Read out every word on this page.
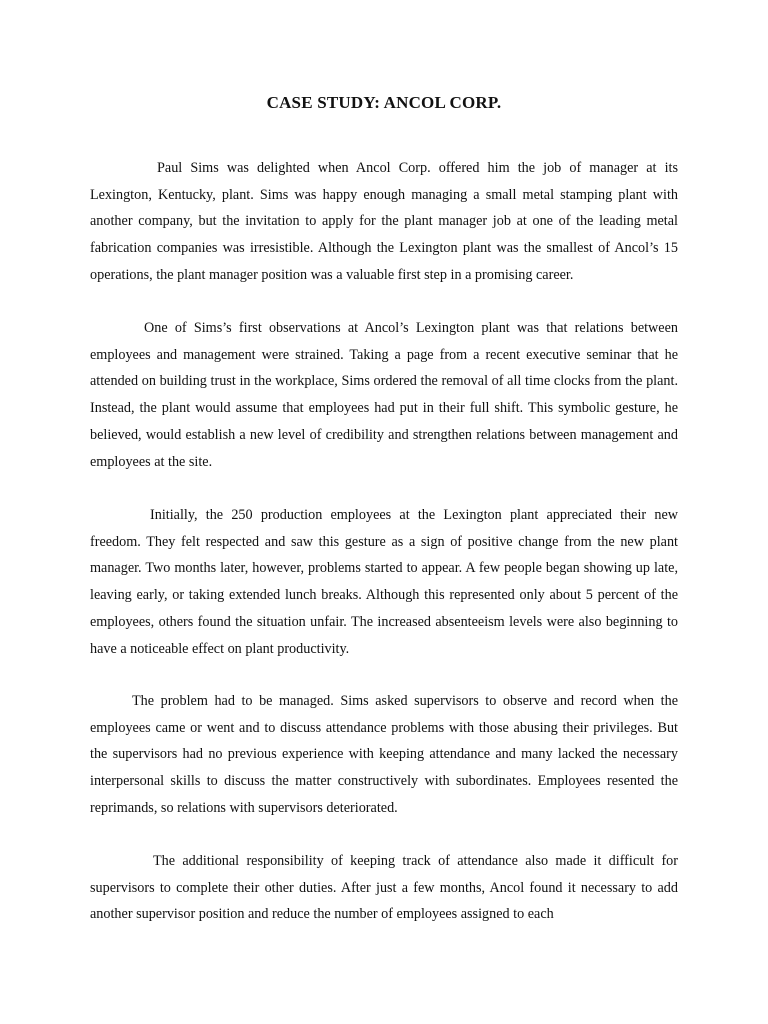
CASE STUDY: ANCOL CORP.

Paul Sims was delighted when Ancol Corp. offered him the job of manager at its Lexington, Kentucky, plant. Sims was happy enough managing a small metal stamping plant with another company, but the invitation to apply for the plant manager job at one of the leading metal fabrication companies was irresistible. Although the Lexington plant was the smallest of Ancol’s 15 operations, the plant manager position was a valuable first step in a promising career.

One of Sims’s first observations at Ancol’s Lexington plant was that relations between employees and management were strained. Taking a page from a recent executive seminar that he attended on building trust in the workplace, Sims ordered the removal of all time clocks from the plant. Instead, the plant would assume that employees had put in their full shift. This symbolic gesture, he believed, would establish a new level of credibility and strengthen relations between management and employees at the site.

Initially, the 250 production employees at the Lexington plant appreciated their new freedom. They felt respected and saw this gesture as a sign of positive change from the new plant manager. Two months later, however, problems started to appear. A few people began showing up late, leaving early, or taking extended lunch breaks. Although this represented only about 5 percent of the employees, others found the situation unfair. The increased absenteeism levels were also beginning to have a noticeable effect on plant productivity.

The problem had to be managed. Sims asked supervisors to observe and record when the employees came or went and to discuss attendance problems with those abusing their privileges. But the supervisors had no previous experience with keeping attendance and many lacked the necessary interpersonal skills to discuss the matter constructively with subordinates. Employees resented the reprimands, so relations with supervisors deteriorated.

The additional responsibility of keeping track of attendance also made it difficult for supervisors to complete their other duties. After just a few months, Ancol found it necessary to add another supervisor position and reduce the number of employees assigned to each
